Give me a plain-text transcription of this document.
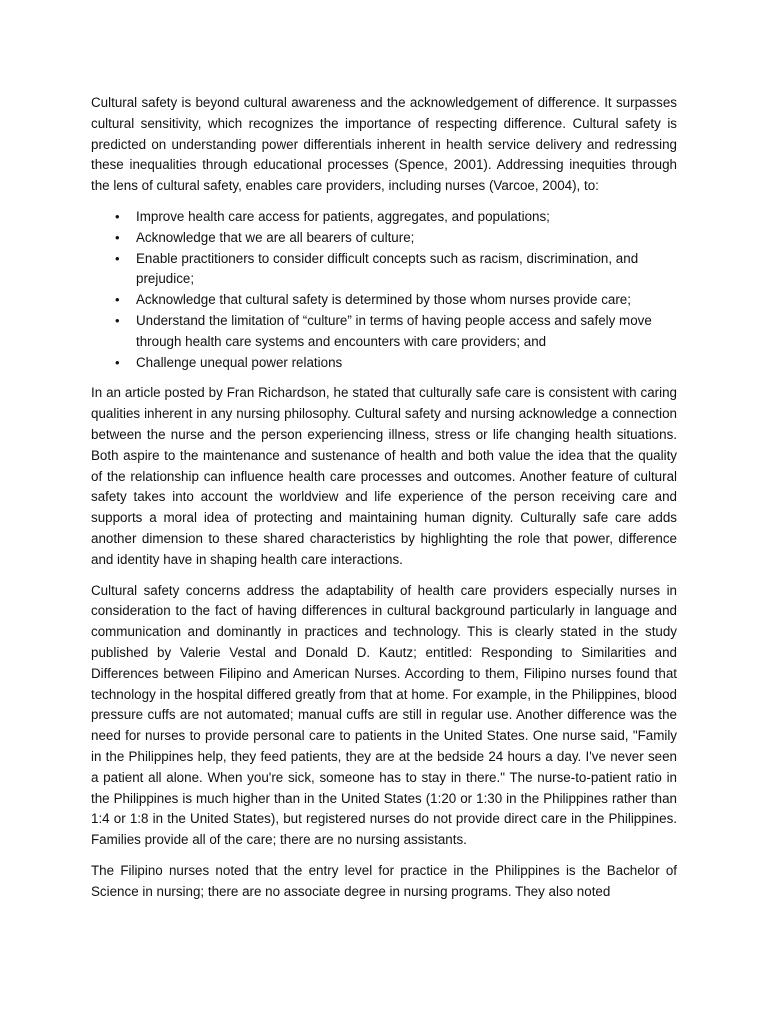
Cultural safety is beyond cultural awareness and the acknowledgement of difference. It surpasses cultural sensitivity, which recognizes the importance of respecting difference. Cultural safety is predicted on understanding power differentials inherent in health service delivery and redressing these inequalities through educational processes (Spence, 2001). Addressing inequities through the lens of cultural safety, enables care providers, including nurses (Varcoe, 2004), to:

• Improve health care access for patients, aggregates, and populations;
• Acknowledge that we are all bearers of culture;
• Enable practitioners to consider difficult concepts such as racism, discrimination, and prejudice;
• Acknowledge that cultural safety is determined by those whom nurses provide care;
• Understand the limitation of “culture” in terms of having people access and safely move through health care systems and encounters with care providers; and
• Challenge unequal power relations

In an article posted by Fran Richardson, he stated that culturally safe care is consistent with caring qualities inherent in any nursing philosophy. Cultural safety and nursing acknowledge a connection between the nurse and the person experiencing illness, stress or life changing health situations. Both aspire to the maintenance and sustenance of health and both value the idea that the quality of the relationship can influence health care processes and outcomes. Another feature of cultural safety takes into account the worldview and life experience of the person receiving care and supports a moral idea of protecting and maintaining human dignity. Culturally safe care adds another dimension to these shared characteristics by highlighting the role that power, difference and identity have in shaping health care interactions.

Cultural safety concerns address the adaptability of health care providers especially nurses in consideration to the fact of having differences in cultural background particularly in language and communication and dominantly in practices and technology. This is clearly stated in the study published by Valerie Vestal and Donald D. Kautz; entitled: Responding to Similarities and Differences between Filipino and American Nurses. According to them, Filipino nurses found that technology in the hospital differed greatly from that at home. For example, in the Philippines, blood pressure cuffs are not automated; manual cuffs are still in regular use. Another difference was the need for nurses to provide personal care to patients in the United States. One nurse said, "Family in the Philippines help, they feed patients, they are at the bedside 24 hours a day. I've never seen a patient all alone. When you're sick, someone has to stay in there." The nurse-to-patient ratio in the Philippines is much higher than in the United States (1:20 or 1:30 in the Philippines rather than 1:4 or 1:8 in the United States), but registered nurses do not provide direct care in the Philippines. Families provide all of the care; there are no nursing assistants.

The Filipino nurses noted that the entry level for practice in the Philippines is the Bachelor of Science in nursing; there are no associate degree in nursing programs. They also noted
